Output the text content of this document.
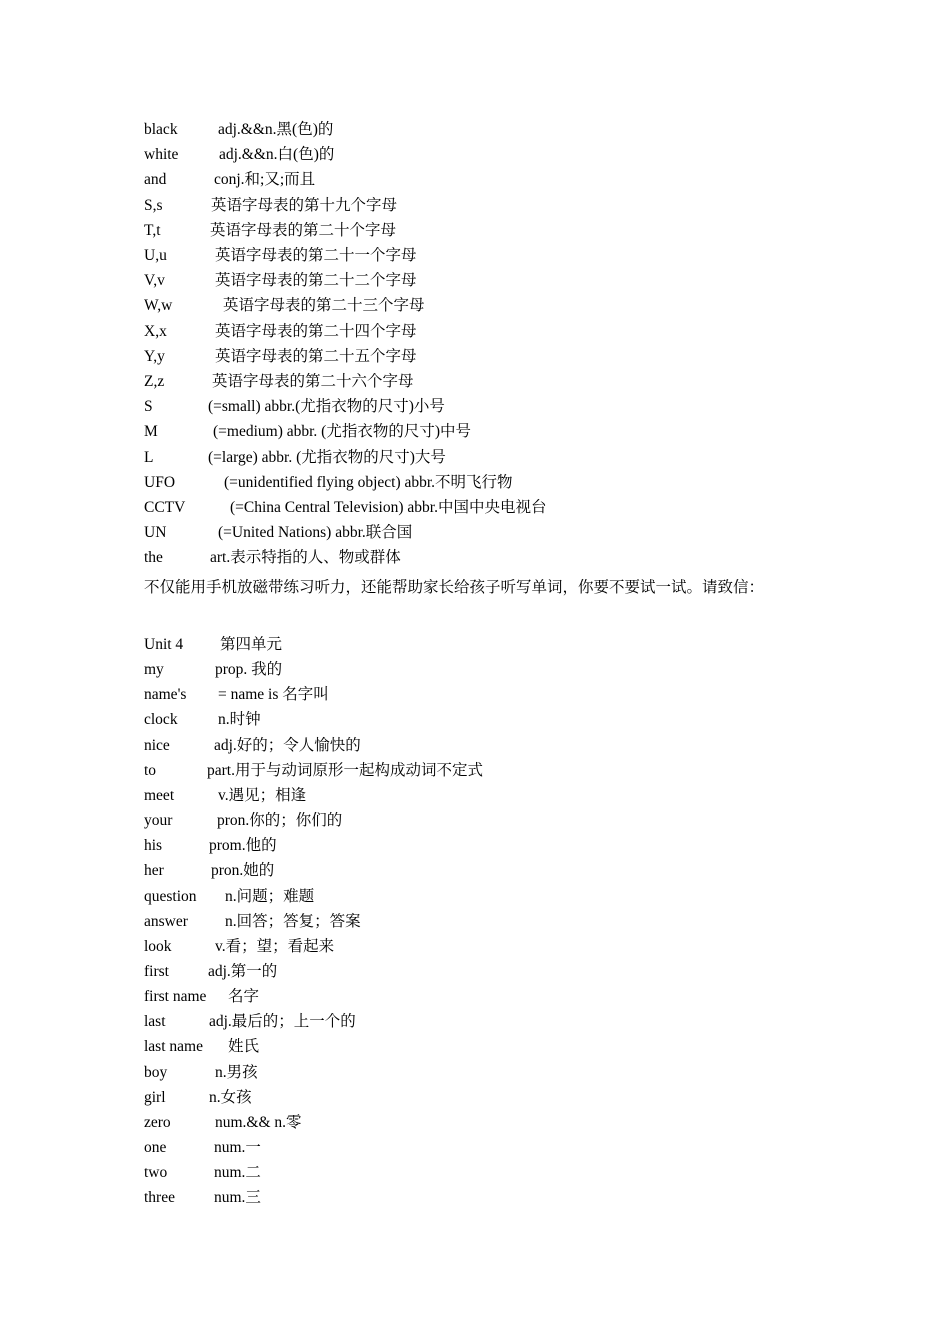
black	adj.&&n.黑(色)的
white	adj.&&n.白(色)的
and	conj.和;又;而且
S,s	英语字母表的第十九个字母
T,t	英语字母表的第二十个字母
U,u	英语字母表的第二十一个字母
V,v	英语字母表的第二十二个字母
W,w	英语字母表的第二十三个字母
X,x	英语字母表的第二十四个字母
Y,y	英语字母表的第二十五个字母
Z,z	英语字母表的第二十六个字母
S	(=small) abbr.(尤指衣物的尺寸)小号
M	(=medium) abbr. (尤指衣物的尺寸)中号
L	(=large) abbr. (尤指衣物的尺寸)大号
UFO	(=unidentified flying object) abbr.不明飞行物
CCTV	(=China Central Television) abbr.中国中央电视台
UN	(=United Nations) abbr.联合国
the	art.表示特指的人、物或群体
不仅能用手机放磁带练习听力，还能帮助家长给孩子听写单词，你要不要试一试。请致信：
Unit 4 第四单元
my	prop. 我的
name's = name is 名字叫
clock	n.时钟
nice	adj.好的；令人愉快的
to	part.用于与动词原形一起构成动词不定式
meet	v.遇见；相逢
your	pron.你的；你们的
his	prom.他的
her	pron.她的
question n.问题；难题
answer n.回答；答复；答案
look	v.看；望；看起来
first	adj.第一的
first name 名字
last	adj.最后的；上一个的
last name 姓氏
boy	n.男孩
girl	n.女孩
zero	num.&& n.零
one	num.一
two	num.二
three	num.三
